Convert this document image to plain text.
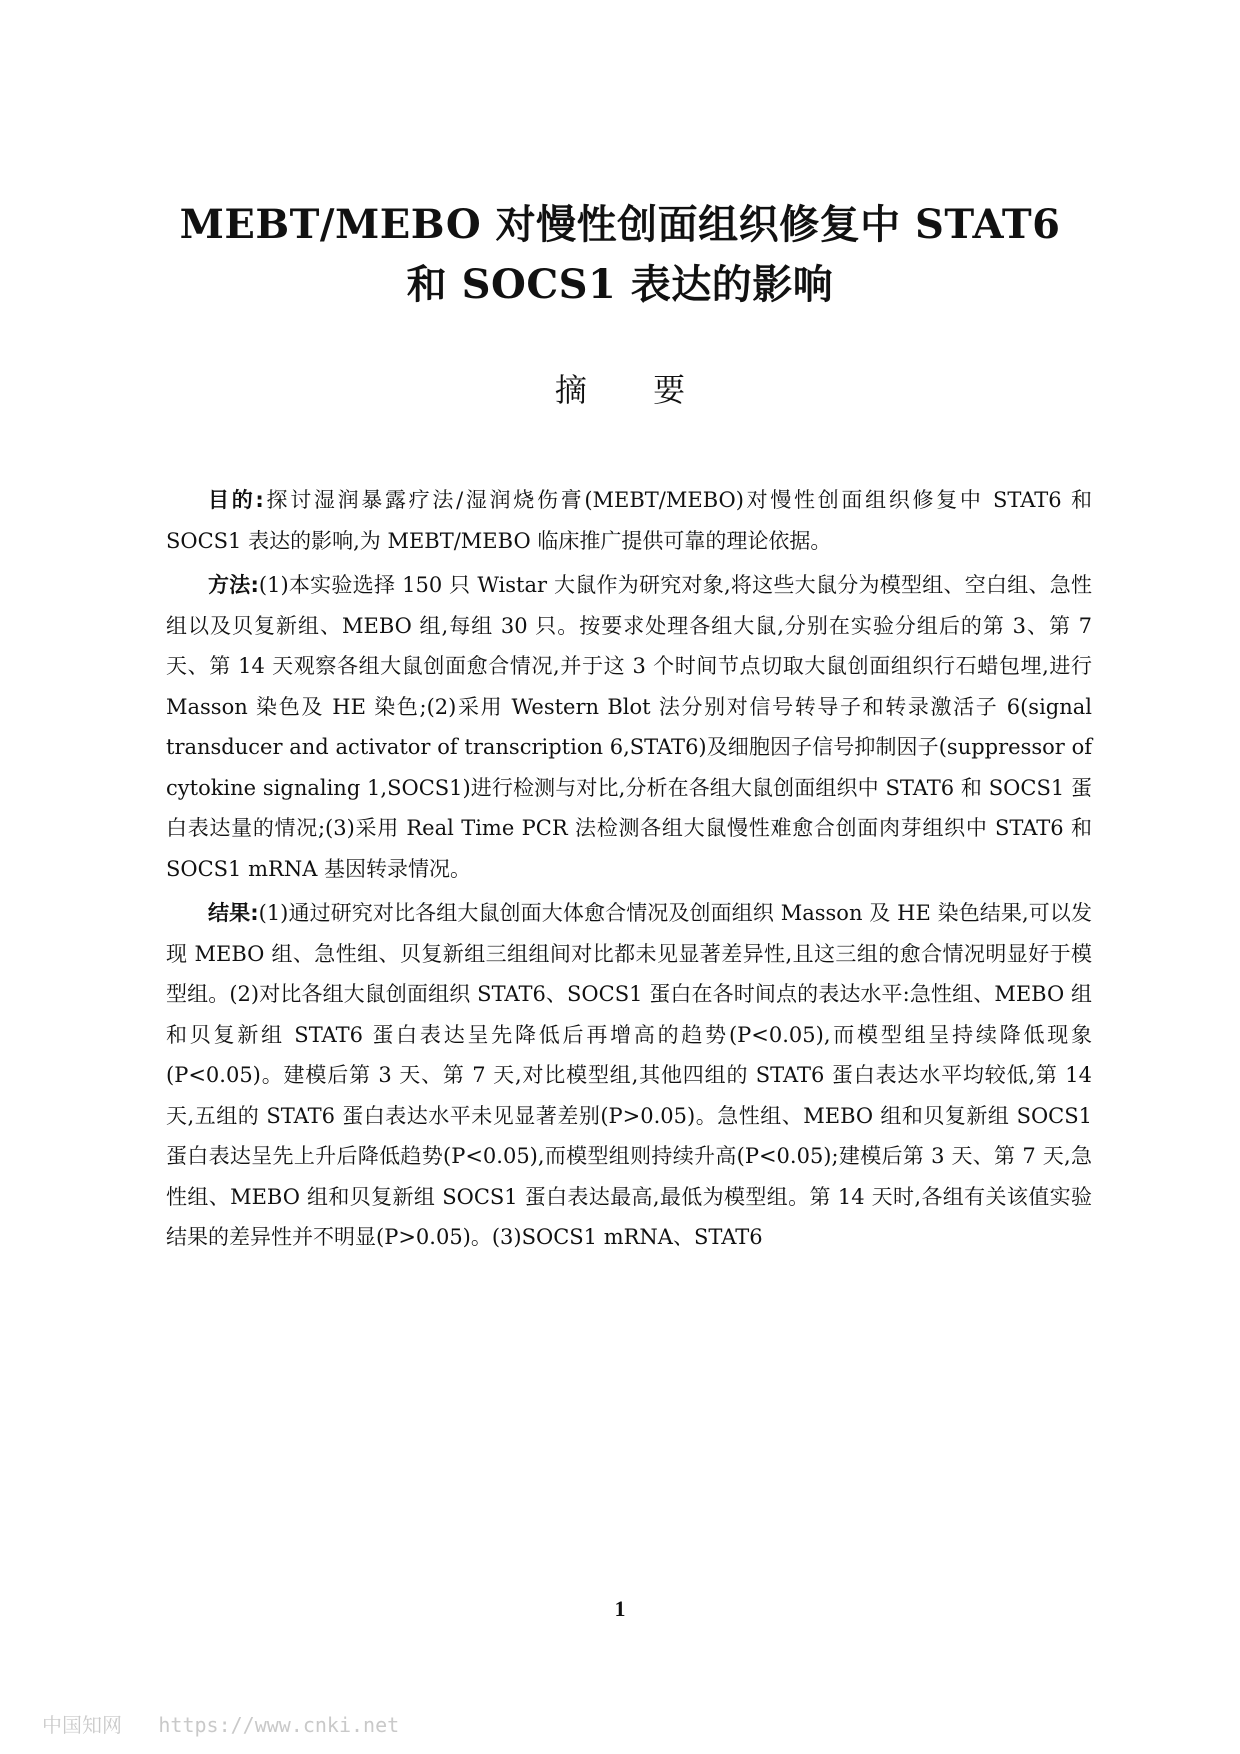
MEBT/MEBO 对慢性创面组织修复中 STAT6
和 SOCS1 表达的影响
摘 要

目的:探讨湿润暴露疗法/湿润烧伤膏(MEBT/MEBO)对慢性创面组织修复中 STAT6 和 SOCS1 表达的影响,为 MEBT/MEBO 临床推广提供可靠的理论依据。

方法:(1)本实验选择 150 只 Wistar 大鼠作为研究对象,将这些大鼠分为模型组、空白组、急性组以及贝复新组、MEBO 组,每组 30 只。按要求处理各组大鼠,分别在实验分组后的第 3、第 7 天、第 14 天观察各组大鼠创面愈合情况,并于这 3 个时间节点切取大鼠创面组织行石蜡包埋,进行 Masson 染色及 HE 染色;(2)采用 Western Blot 法分别对信号转导子和转录激活子 6(signal transducer and activator of transcription 6,STAT6)及细胞因子信号抑制因子(suppressor of cytokine signaling 1,SOCS1)进行检测与对比,分析在各组大鼠创面组织中 STAT6 和 SOCS1 蛋白表达量的情况;(3)采用 Real Time PCR 法检测各组大鼠慢性难愈合创面肉芽组织中 STAT6 和 SOCS1 mRNA 基因转录情况。

结果:(1)通过研究对比各组大鼠创面大体愈合情况及创面组织 Masson 及 HE 染色结果,可以发现 MEBO 组、急性组、贝复新组三组组间对比都未见显著差异性,且这三组的愈合情况明显好于模型组。(2)对比各组大鼠创面组织 STAT6、SOCS1 蛋白在各时间点的表达水平:急性组、MEBO 组和贝复新组 STAT6 蛋白表达呈先降低后再增高的趋势(P<0.05),而模型组呈持续降低现象(P<0.05)。建模后第 3 天、第 7 天,对比模型组,其他四组的 STAT6 蛋白表达水平均较低,第 14 天,五组的 STAT6 蛋白表达水平未见显著差别(P>0.05)。急性组、MEBO 组和贝复新组 SOCS1 蛋白表达呈先上升后降低趋势(P<0.05),而模型组则持续升高(P<0.05);建模后第 3 天、第 7 天,急性组、MEBO 组和贝复新组 SOCS1 蛋白表达最高,最低为模型组。第 14 天时,各组有关该值实验结果的差异性并不明显(P>0.05)。(3)SOCS1 mRNA、STAT6

1
中国知网 https://www.cnki.net
